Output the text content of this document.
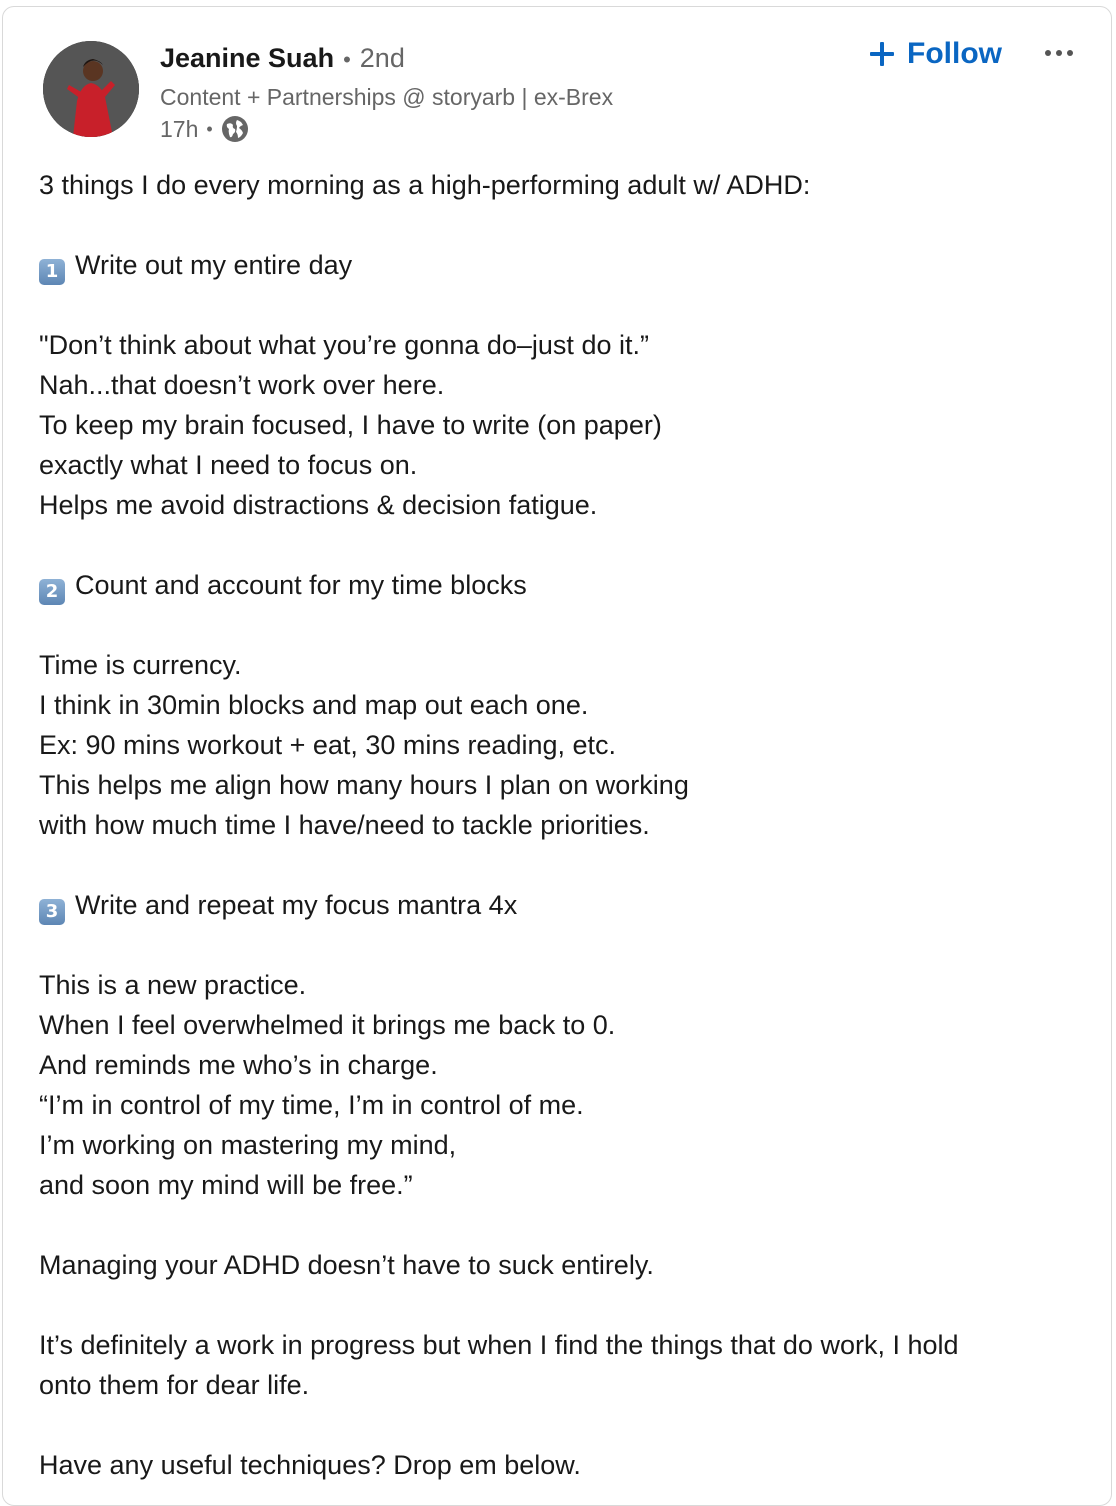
Jeanine Suah • 2nd
Content + Partnerships @ storyarb | ex-Brex
17h •
Follow
3 things I do every morning as a high-performing adult w/ ADHD:
1 Write out my entire day
"Don’t think about what you’re gonna do–just do it.”
Nah...that doesn’t work over here.
To keep my brain focused, I have to write (on paper)
exactly what I need to focus on.
Helps me avoid distractions & decision fatigue.
2 Count and account for my time blocks
Time is currency.
I think in 30min blocks and map out each one.
Ex: 90 mins workout + eat, 30 mins reading, etc.
This helps me align how many hours I plan on working
with how much time I have/need to tackle priorities.
3 Write and repeat my focus mantra 4x
This is a new practice.
When I feel overwhelmed it brings me back to 0.
And reminds me who’s in charge.
“I’m in control of my time, I’m in control of me.
I’m working on mastering my mind,
and soon my mind will be free.”
Managing your ADHD doesn’t have to suck entirely.
It’s definitely a work in progress but when I find the things that do work, I hold
onto them for dear life.
Have any useful techniques? Drop em below.
